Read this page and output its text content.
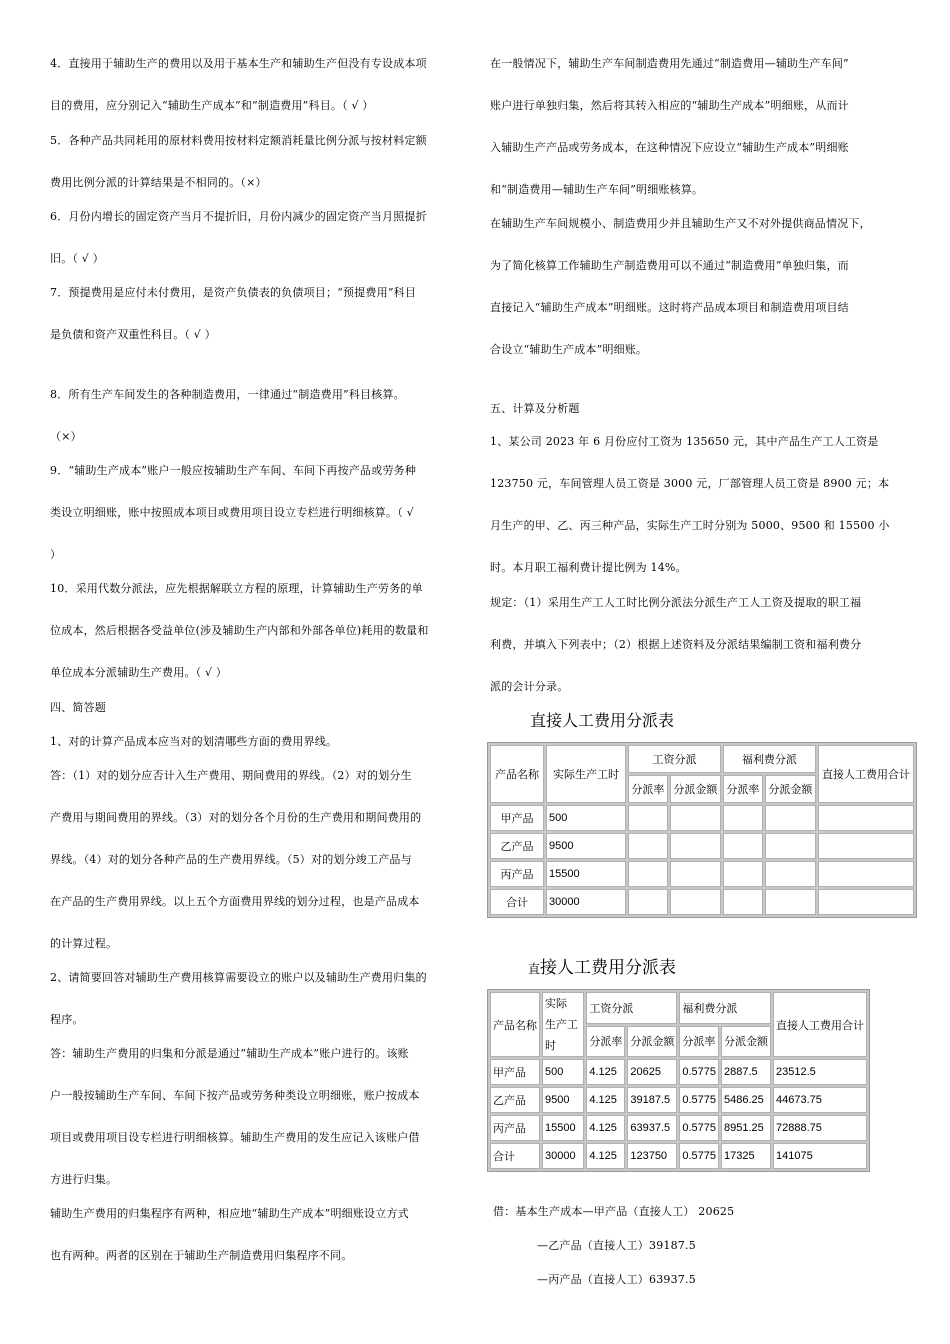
4．直接用于辅助生产的费用以及用于基本生产和辅助生产但没有专设成本项
目的费用，应分别记入“辅助生产成本”和“制造费用”科目。（ √ ）
5．各种产品共同耗用的原材料费用按材料定额消耗量比例分派与按材料定额
费用比例分派的计算结果是不相同的。（×）
6．月份内增长的固定资产当月不提折旧，月份内减少的固定资产当月照提折
旧。（ √ ）
7．预提费用是应付未付费用，是资产负债表的负债项目；“预提费用”科目
是负债和资产双重性科目。（ √ ）
8．所有生产车间发生的各种制造费用，一律通过“制造费用”科目核算。
（×）
9．“辅助生产成本”账户一般应按辅助生产车间、车间下再按产品或劳务种
类设立明细账，账中按照成本项目或费用项目设立专栏进行明细核算。（ √
）
10．采用代数分派法，应先根据解联立方程的原理，计算辅助生产劳务的单
位成本，然后根据各受益单位(涉及辅助生产内部和外部各单位)耗用的数量和
单位成本分派辅助生产费用。（ √ ）
四、简答题
1、对的计算产品成本应当对的划清哪些方面的费用界线。
答：（1）对的划分应否计入生产费用、期间费用的界线。（2）对的划分生
产费用与期间费用的界线。（3）对的划分各个月份的生产费用和期间费用的
界线。（4）对的划分各种产品的生产费用界线。（5）对的划分竣工产品与
在产品的生产费用界线。以上五个方面费用界线的划分过程，也是产品成本
的计算过程。
2、请简要回答对辅助生产费用核算需要设立的账户以及辅助生产费用归集的
程序。
答：辅助生产费用的归集和分派是通过“辅助生产成本”账户进行的。该账
户一般按辅助生产车间、车间下按产品或劳务种类设立明细账，账户按成本
项目或费用项目设专栏进行明细核算。辅助生产费用的发生应记入该账户借
方进行归集。
辅助生产费用的归集程序有两种，相应地“辅助生产成本”明细账设立方式
也有两种。两者的区别在于辅助生产制造费用归集程序不同。
在一般情况下，辅助生产车间制造费用先通过“制造费用—辅助生产车间”
账户进行单独归集，然后将其转入相应的“辅助生产成本”明细账，从而计
入辅助生产产品或劳务成本，在这种情况下应设立“辅助生产成本”明细账
和“制造费用—辅助生产车间”明细账核算。
在辅助生产车间规模小、制造费用少并且辅助生产又不对外提供商品情况下，
为了简化核算工作辅助生产制造费用可以不通过“制造费用”单独归集，而
直接记入“辅助生产成本”明细账。这时将产品成本项目和制造费用项目结
合设立“辅助生产成本”明细账。
五、计算及分析题
1、某公司 2023 年 6 月份应付工资为 135650 元，其中产品生产工人工资是
123750 元，车间管理人员工资是 3000 元，厂部管理人员工资是 8900 元；本
月生产的甲、乙、丙三种产品，实际生产工时分别为 5000、9500 和 15500 小
时。本月职工福利费计提比例为 14%。
规定：（1）采用生产工人工时比例分派法分派生产工人工资及提取的职工福
利费，并填入下列表中；（2）根据上述资料及分派结果编制工资和福利费分
派的会计分录。
直接人工费用分派表
产品名称	实际生产工时	工资分派		福利费分派		直接人工费用合计
		分派率	分派金额	分派率	分派金额	
甲产品	500					
乙产品	9500					
丙产品	15500					
合计	30000					
直接人工费用分派表
产品名称	实际
生产工时	工资分派		福利费分派		直接人工费用合计
		分派率	分派金额	分派率	分派金额	
甲产品	500	4.125	20625	0.5775	2887.5	23512.5
乙产品	9500	4.125	39187.5	0.5775	5486.25	44673.75
丙产品	15500	4.125	63937.5	0.5775	8951.25	72888.75
合计	30000	4.125	123750	0.5775	17325	141075
借：基本生产成本—甲产品（直接人工） 20625
—乙产品（直接人工）39187.5
—丙产品（直接人工）63937.5
